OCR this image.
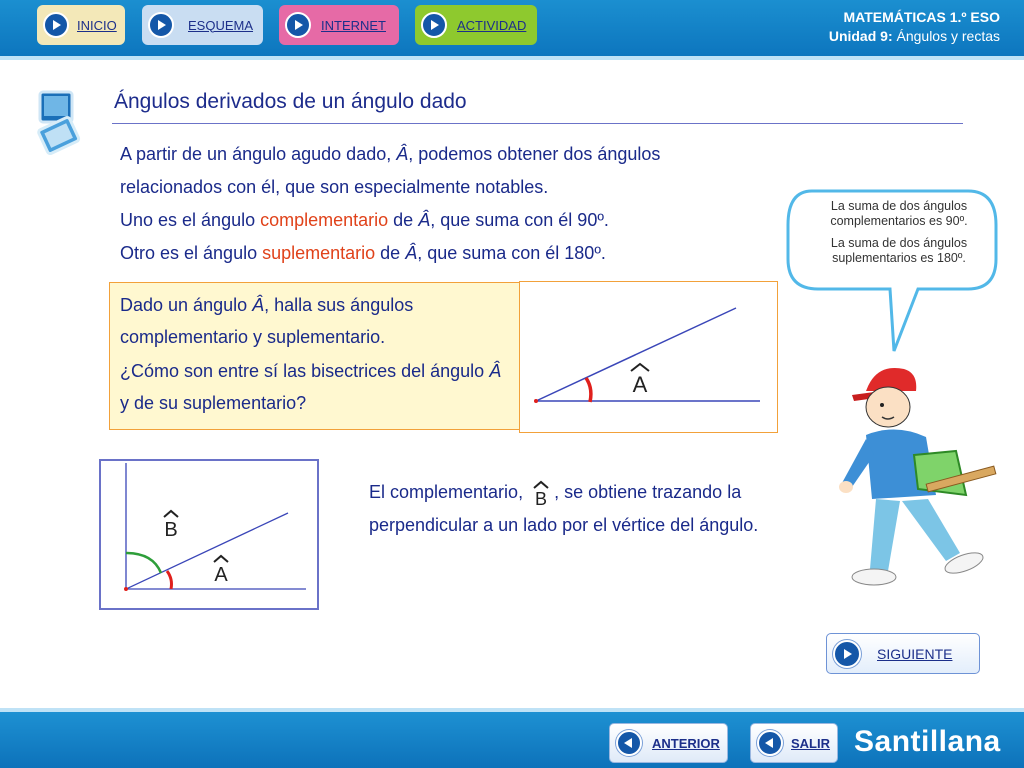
INICIO	ESQUEMA	INTERNET	ACTIVIDAD	MATEMÁTICAS 1.º ESO
Unidad 9: Ángulos y rectas
Ángulos derivados de un ángulo dado
A partir de un ángulo agudo dado, Â, podemos obtener dos ángulos
relacionados con él, que son especialmente notables.
Uno es el ángulo complementario de Â, que suma con él 90º.
Otro es el ángulo suplementario de Â, que suma con él 180º.

Dado un ángulo Â, halla sus ángulos complementario y suplementario.

¿Cómo son entre sí las bisectrices del ángulo Â y de su suplementario?

A
B
A
El complementario, B , se obtiene trazando la perpendicular a un lado por el vértice del ángulo.

La suma de dos ángulos complementarios es 90º.

La suma de dos ángulos suplementarios es 180º.

SIGUIENTE
ANTERIOR	SALIR Santillana
